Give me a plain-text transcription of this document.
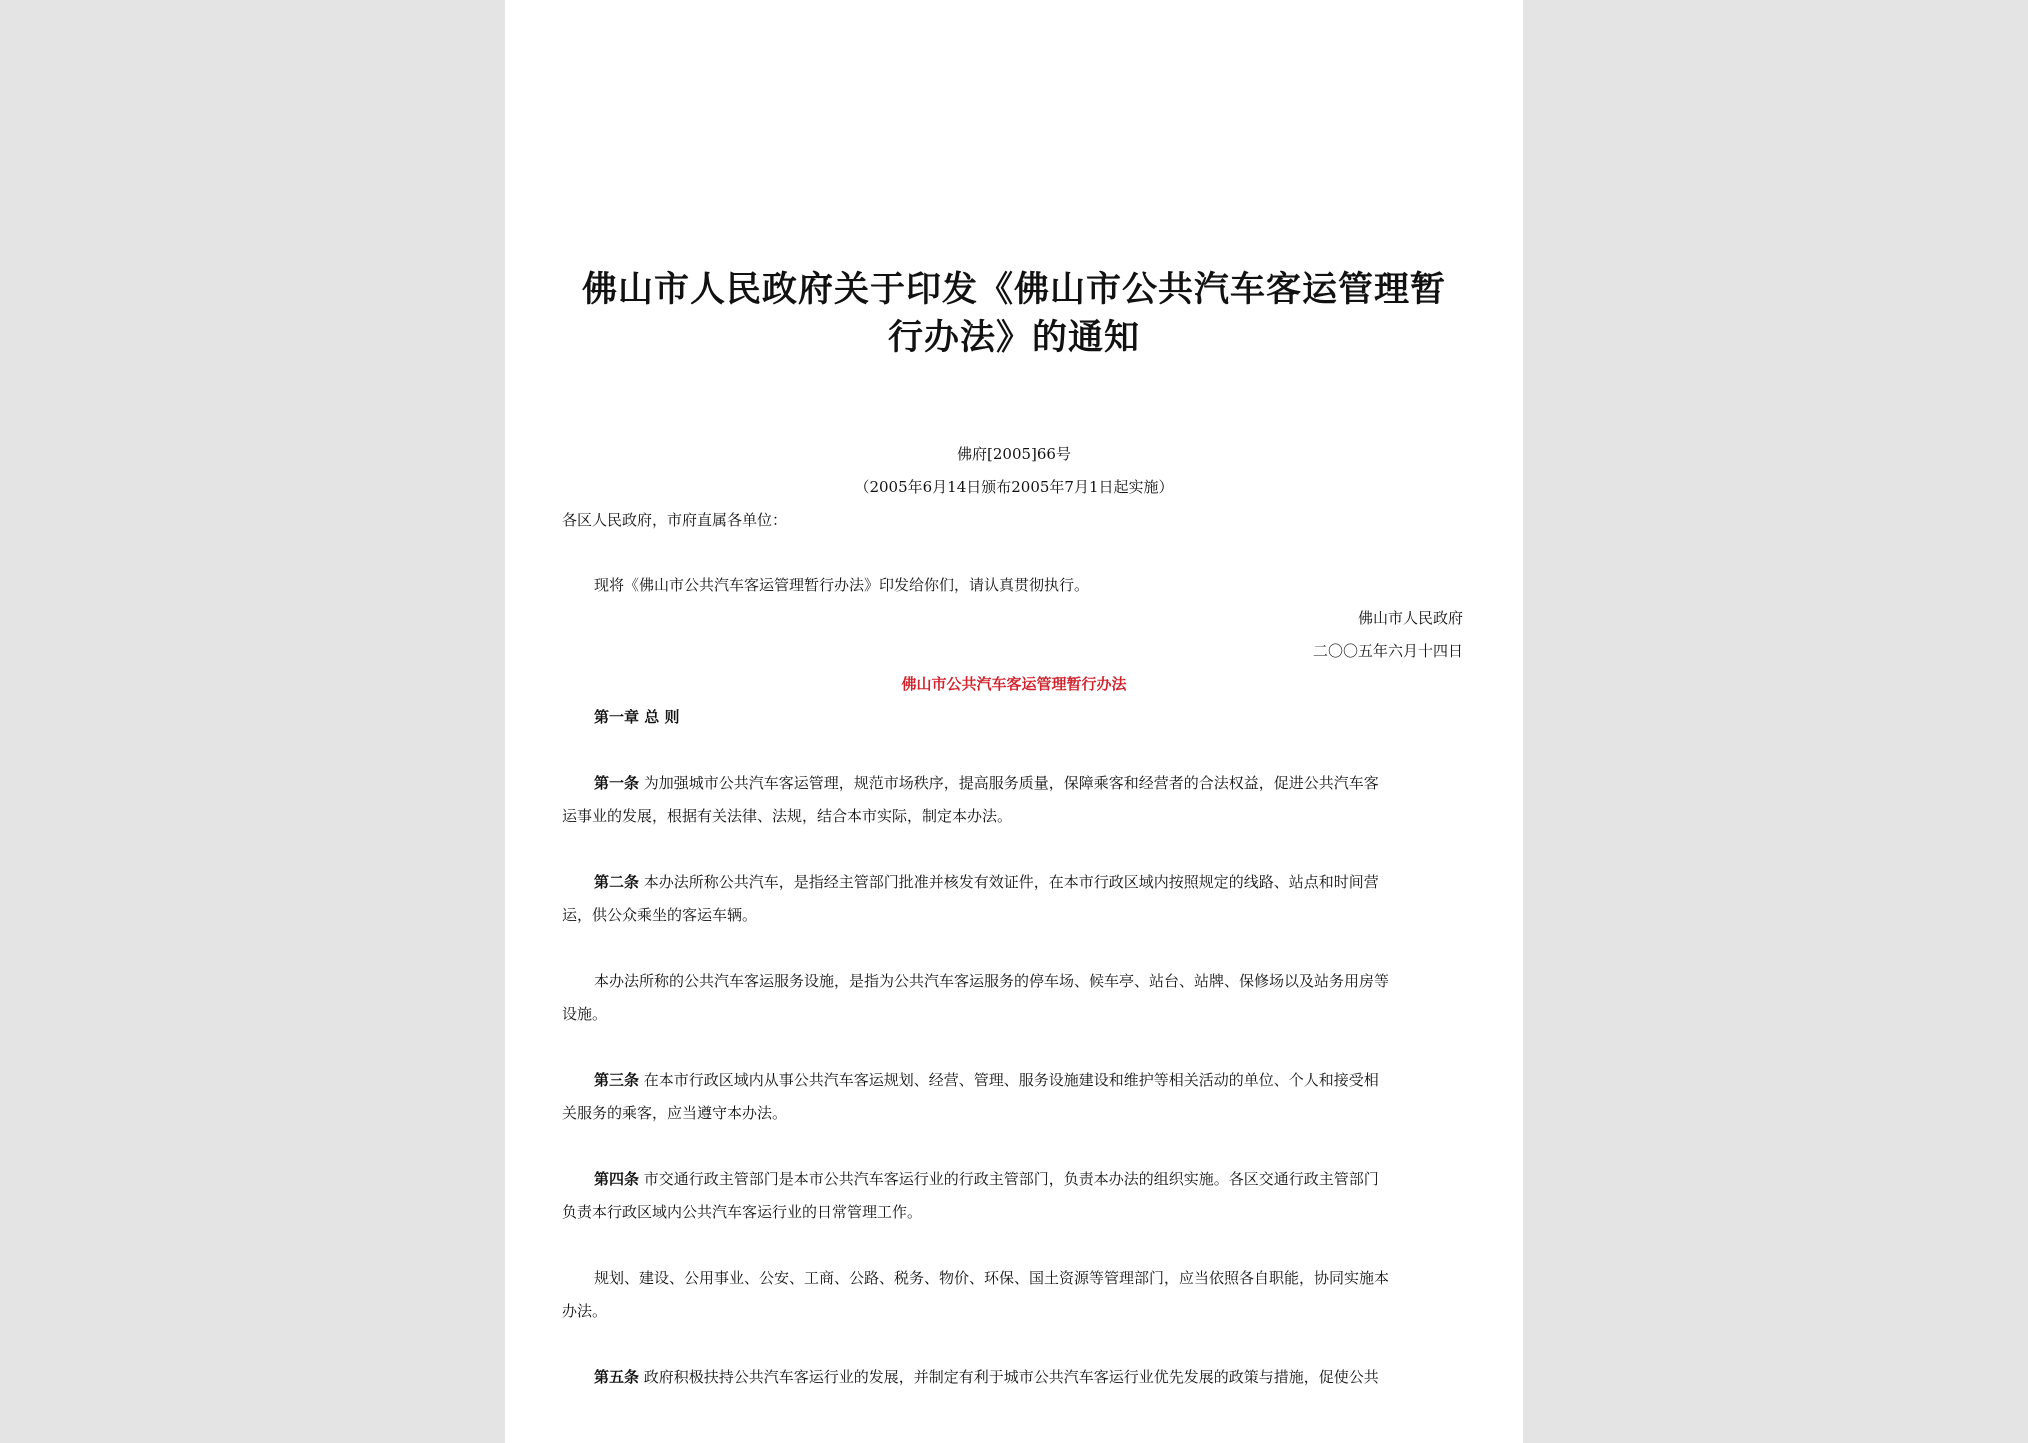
佛山市人民政府关于印发《佛山市公共汽车客运管理暂
行办法》的通知
佛府[2005]66号
（2005年6月14日颁布2005年7月1日起实施）
各区人民政府，市府直属各单位：
现将《佛山市公共汽车客运管理暂行办法》印发给你们，请认真贯彻执行。
佛山市人民政府
二〇〇五年六月十四日
佛山市公共汽车客运管理暂行办法
第一章 总 则
第一条 为加强城市公共汽车客运管理，规范市场秩序，提高服务质量，保障乘客和经营者的合法权益，促进公共汽车客
运事业的发展，根据有关法律、法规，结合本市实际，制定本办法。
第二条 本办法所称公共汽车，是指经主管部门批准并核发有效证件，在本市行政区域内按照规定的线路、站点和时间营
运，供公众乘坐的客运车辆。
本办法所称的公共汽车客运服务设施，是指为公共汽车客运服务的停车场、候车亭、站台、站牌、保修场以及站务用房等
设施。
第三条 在本市行政区域内从事公共汽车客运规划、经营、管理、服务设施建设和维护等相关活动的单位、个人和接受相
关服务的乘客，应当遵守本办法。
第四条 市交通行政主管部门是本市公共汽车客运行业的行政主管部门，负责本办法的组织实施。各区交通行政主管部门
负责本行政区域内公共汽车客运行业的日常管理工作。
规划、建设、公用事业、公安、工商、公路、税务、物价、环保、国土资源等管理部门，应当依照各自职能，协同实施本
办法。
第五条 政府积极扶持公共汽车客运行业的发展，并制定有利于城市公共汽车客运行业优先发展的政策与措施，促使公共
